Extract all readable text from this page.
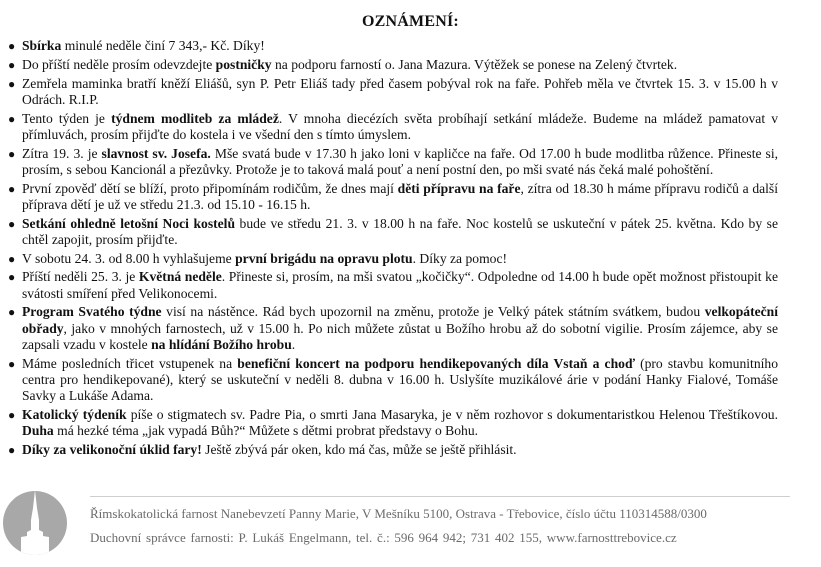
OZNÁMENÍ:
● Sbírka minulé neděle činí 7 343,- Kč. Díky!
● Do příští neděle prosím odevzdejte postničky na podporu farností o. Jana Mazura. Výtěžek se ponese na Zelený čtvrtek.
● Zemřela maminka bratří kněží Eliášů, syn P. Petr Eliáš tady před časem pobýval rok na faře. Pohřeb měla ve čtvrtek 15. 3. v 15.00 h v Odrách. R.I.P.
● Tento týden je týdnem modliteb za mládež. V mnoha diecézích světa probíhají setkání mládeže. Budeme na mládež pamatovat v přímluvách, prosím přijďte do kostela i ve všední den s tímto úmyslem.
● Zítra 19. 3. je slavnost sv. Josefa. Mše svatá bude v 17.30 h jako loni v kapličce na faře. Od 17.00 h bude modlitba růžence. Přineste si, prosím, s sebou Kancionál a přezůvky. Protože je to taková malá pouť a není postní den, po mši svaté nás čeká malé pohoštění.
● První zpověď dětí se blíží, proto připomínám rodičům, že dnes mají děti přípravu na faře, zítra od 18.30 h máme přípravu rodičů a další příprava dětí je už ve středu 21.3. od 15.10 - 16.15 h.
● Setkání ohledně letošní Noci kostelů bude ve středu 21. 3. v 18.00 h na faře. Noc kostelů se uskuteční v pátek 25. května. Kdo by se chtěl zapojit, prosím přijďte.
● V sobotu 24. 3. od 8.00 h vyhlašujeme první brigádu na opravu plotu. Díky za pomoc!
● Příští neděli 25. 3. je Květná neděle. Přineste si, prosím, na mši svatou „kočičky“. Odpoledne od 14.00 h bude opět možnost přistoupit ke svátosti smíření před Velikonocemi.
● Program Svatého týdne visí na nástěnce. Rád bych upozornil na změnu, protože je Velký pátek státním svátkem, budou velkopáteční obřady, jako v mnohých farnostech, už v 15.00 h. Po nich můžete zůstat u Božího hrobu až do sobotní vigilie. Prosím zájemce, aby se zapsali vzadu v kostele na hlídání Božího hrobu.
● Máme posledních třicet vstupenek na benefiční koncert na podporu hendikepovaných díla Vstaň a choď (pro stavbu komunitního centra pro hendikepované), který se uskuteční v neděli 8. dubna v 16.00 h. Uslyšíte muzikálové árie v podání Hanky Fialové, Tomáše Savky a Lukáše Adama.
● Katolický týdeník píše o stigmatech sv. Padre Pia, o smrti Jana Masaryka, je v něm rozhovor s dokumentaristkou Helenou Třeštíkovou. Duha má hezké téma „jak vypadá Bůh?“ Můžete s dětmi probrat představy o Bohu.
● Díky za velikonoční úklid fary! Ještě zbývá pár oken, kdo má čas, může se ještě přihlásit.
Římskokatolická farnost Nanebevzetí Panny Marie, V Mešníku 5100, Ostrava - Třebovice, číslo účtu 110314588/0300
Duchovní správce farnosti: P. Lukáš Engelmann, tel. č.: 596 964 942; 731 402 155, www.farnosttrebovice.cz
